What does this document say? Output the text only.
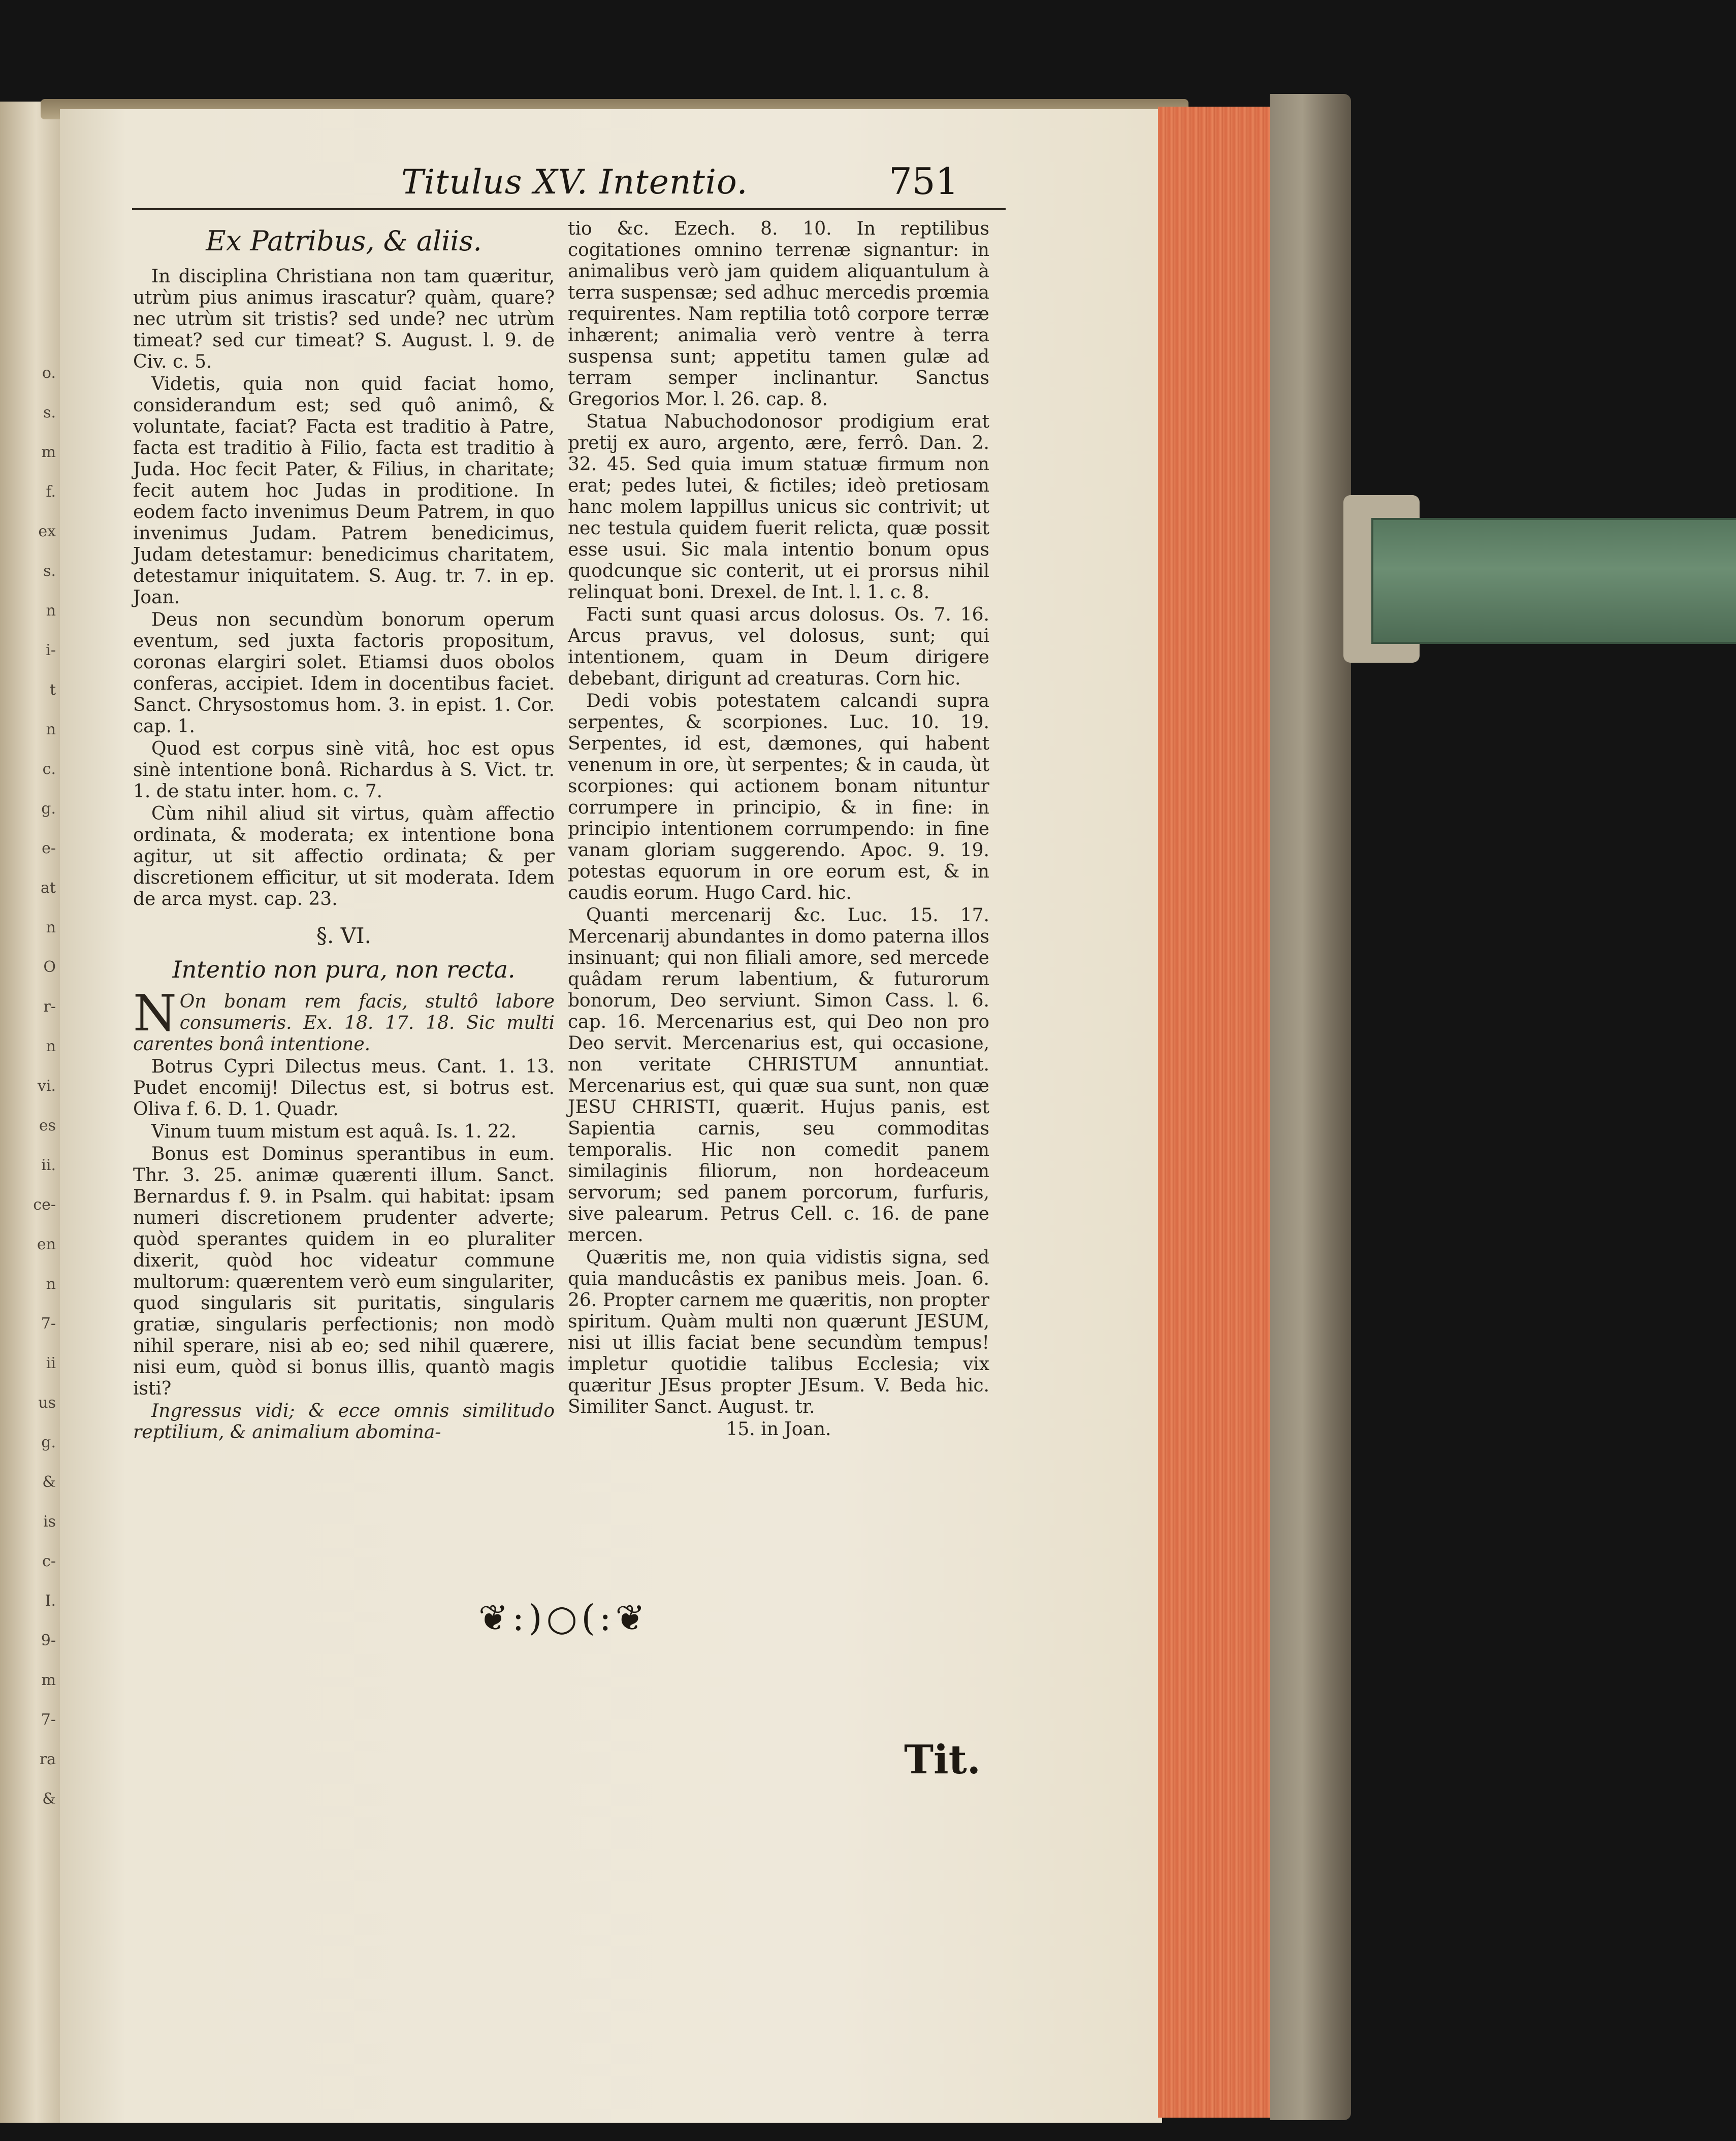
o.
s.
m
f.
ex
s.
n
i-
t
n
c.
g.
e-
at
n
O
r-
n
vi.
es
ii.
ce-
en
n
7-
ii
us
g.
&
is
c-
I.
9-
m
7-
ra
&
Titulus XV. Intentio.	751
Ex Patribus, & aliis.

In disciplina Christiana non tam quæritur, utrùm pius animus irascatur? quàm, quare? nec utrùm sit tristis? sed unde? nec utrùm timeat? sed cur timeat? S. August. l. 9. de Civ. c. 5.

Videtis, quia non quid faciat homo, considerandum est; sed quô animô, & voluntate, faciat? Facta est traditio à Patre, facta est traditio à Filio, facta est traditio à Juda. Hoc fecit Pater, & Filius, in charitate; fecit autem hoc Judas in proditione. In eodem facto invenimus Deum Patrem, in quo invenimus Judam. Patrem benedicimus, Judam detestamur: benedicimus charitatem, detestamur iniquitatem. S. Aug. tr. 7. in ep. Joan.

Deus non secundùm bonorum operum eventum, sed juxta factoris propositum, coronas elargiri solet. Etiamsi duos obolos conferas, accipiet. Idem in docentibus faciet. Sanct. Chrysostomus hom. 3. in epist. 1. Cor. cap. 1.

Quod est corpus sinè vitâ, hoc est opus sinè intentione bonâ. Richardus à S. Vict. tr. 1. de statu inter. hom. c. 7.

Cùm nihil aliud sit virtus, quàm affectio ordinata, & moderata; ex intentione bona agitur, ut sit affectio ordinata; & per discretionem efficitur, ut sit moderata. Idem de arca myst. cap. 23.

§. VI.
Intentio non pura, non recta.

N On bonam rem facis, stultô labore consumeris. Ex. 18. 17. 18. Sic multi carentes bonâ intentione.

Botrus Cypri Dilectus meus. Cant. 1. 13. Pudet encomij! Dilectus est, si botrus est. Oliva f. 6. D. 1. Quadr.

Vinum tuum mistum est aquâ. Is. 1. 22.

Bonus est Dominus sperantibus in eum. Thr. 3. 25. animæ quærenti illum. Sanct. Bernardus f. 9. in Psalm. qui habitat: ipsam numeri discretionem prudenter adverte; quòd sperantes quidem in eo pluraliter dixerit, quòd hoc videatur commune multorum: quærentem verò eum singulariter, quod singularis sit puritatis, singularis gratiæ, singularis perfectionis; non modò nihil sperare, nisi ab eo; sed nihil quærere, nisi eum, quòd si bonus illis, quantò magis isti?

Ingressus vidi; & ecce omnis similitudo reptilium, & animalium abomina-

tio &c. Ezech. 8. 10. In reptilibus cogitationes omnino terrenæ signantur: in animalibus verò jam quidem aliquantulum à terra suspensæ; sed adhuc mercedis prœmia requirentes. Nam reptilia totô corpore terræ inhærent; animalia verò ventre à terra suspensa sunt; appetitu tamen gulæ ad terram semper inclinantur. Sanctus Gregorios Mor. l. 26. cap. 8.

Statua Nabuchodonosor prodigium erat pretij ex auro, argento, ære, ferrô. Dan. 2. 32. 45. Sed quia imum statuæ firmum non erat; pedes lutei, & fictiles; ideò pretiosam hanc molem lappillus unicus sic contrivit; ut nec testula quidem fuerit relicta, quæ possit esse usui. Sic mala intentio bonum opus quodcunque sic conterit, ut ei prorsus nihil relinquat boni. Drexel. de Int. l. 1. c. 8.

Facti sunt quasi arcus dolosus. Os. 7. 16. Arcus pravus, vel dolosus, sunt; qui intentionem, quam in Deum dirigere debebant, dirigunt ad creaturas. Corn hic.

Dedi vobis potestatem calcandi supra serpentes, & scorpiones. Luc. 10. 19. Serpentes, id est, dæmones, qui habent venenum in ore, ùt serpentes; & in cauda, ùt scorpiones: qui actionem bonam nituntur corrumpere in principio, & in fine: in principio intentionem corrumpendo: in fine vanam gloriam suggerendo. Apoc. 9. 19. potestas equorum in ore eorum est, & in caudis eorum. Hugo Card. hic.

Quanti mercenarij &c. Luc. 15. 17. Mercenarij abundantes in domo paterna illos insinuant; qui non filiali amore, sed mercede quâdam rerum labentium, & futurorum bonorum, Deo serviunt. Simon Cass. l. 6. cap. 16. Mercenarius est, qui Deo non pro Deo servit. Mercenarius est, qui occasione, non veritate CHRISTUM annuntiat. Mercenarius est, qui quæ sua sunt, non quæ JESU CHRISTI, quærit. Hujus panis, est Sapientia carnis, seu commoditas temporalis. Hic non comedit panem similaginis filiorum, non hordeaceum servorum; sed panem porcorum, furfuris, sive palearum. Petrus Cell. c. 16. de pane mercen.

Quæritis me, non quia vidistis signa, sed quia manducâstis ex panibus meis. Joan. 6. 26. Propter carnem me quæritis, non propter spiritum. Quàm multi non quærunt JESUM, nisi ut illis faciat bene secundùm tempus! impletur quotidie talibus Ecclesia; vix quæritur JEsus propter JEsum. V. Beda hic. Similiter Sanct. August. tr.

15. in Joan.
❦:)○(:❦
Tit.
